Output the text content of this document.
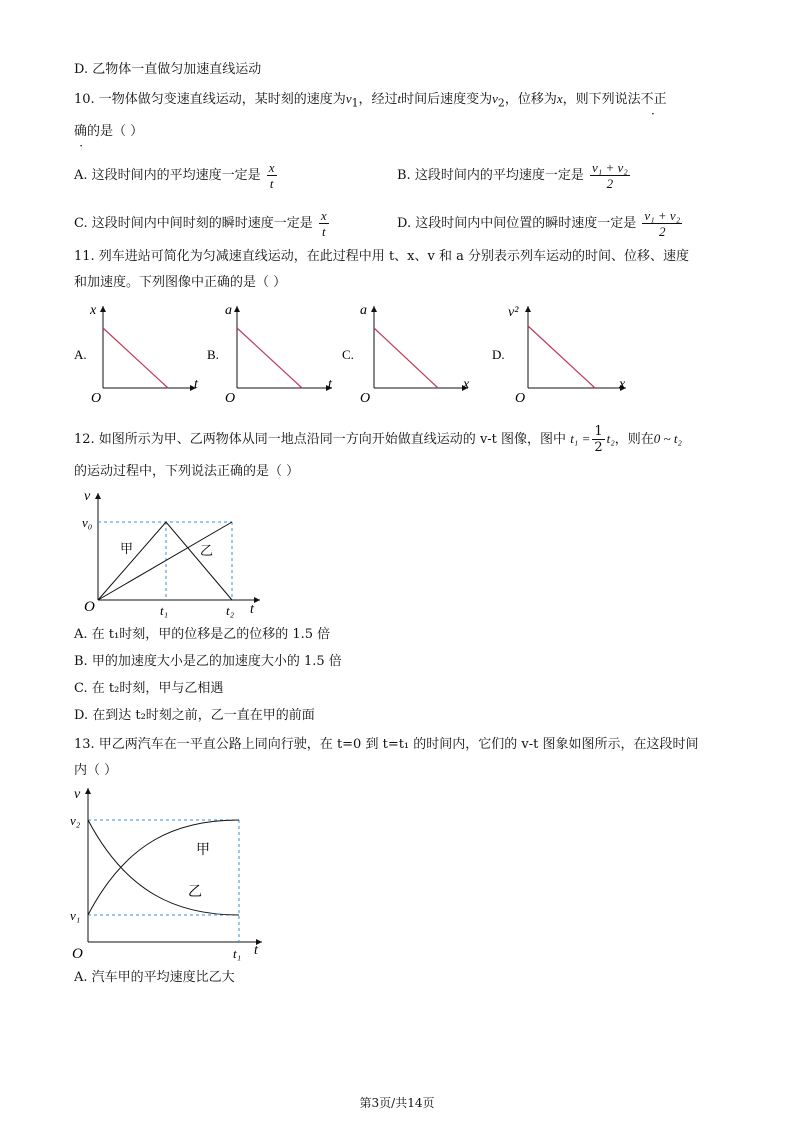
D. 乙物体一直做匀加速直线运动
10. 一物体做匀变速直线运动，某时刻的速度为$v_1$，经过t时间后速度变为$v_2$，位移为x，则下列说法不正
确的是（ ）
A. 这段时间内的平均速度一定是 $\frac{x}{t}$	B. 这段时间内的平均速度一定是 $\frac{\text{v₁ + v₂}}{2}$
C. 这段时间内中间时刻的瞬时速度一定是 $\frac{x}{t}$	D. 这段时间内中间位置的瞬时速度一定是 $\frac{\text{v₁ + v₂}}{2}$
11. 列车进站可简化为匀减速直线运动，在此过程中用 t、x、v 和 a 分别表示列车运动的时间、位移、速度
和加速度。下列图像中正确的是（ ）
A.
x
t
O
B.
a
t
O
C.
a
x
O
D.
v²
x
O
12. 如图所示为甲、乙两物体从同一地点沿同一方向开始做直线运动的 v-t 图像，图中 $t_1 = \frac{1}{2} t_2$，则在0 ~ t₂
的运动过程中，下列说法正确的是（ ）
v
v₀
甲	乙
O	t₁	t₂ t
A. 在 t₁时刻，甲的位移是乙的位移的 1.5 倍
B. 甲的加速度大小是乙的加速度大小的 1.5 倍
C. 在 t₂时刻，甲与乙相遇
D. 在到达 t₂时刻之前，乙一直在甲的前面
13. 甲乙两汽车在一平直公路上同向行驶，在 t=0 到 t=t₁ 的时间内，它们的 v-t 图象如图所示，在这段时间
内（ ）
v
v₂
v₁
甲
乙
O	t₁ t
A. 汽车甲的平均速度比乙大
第3页/共14页
